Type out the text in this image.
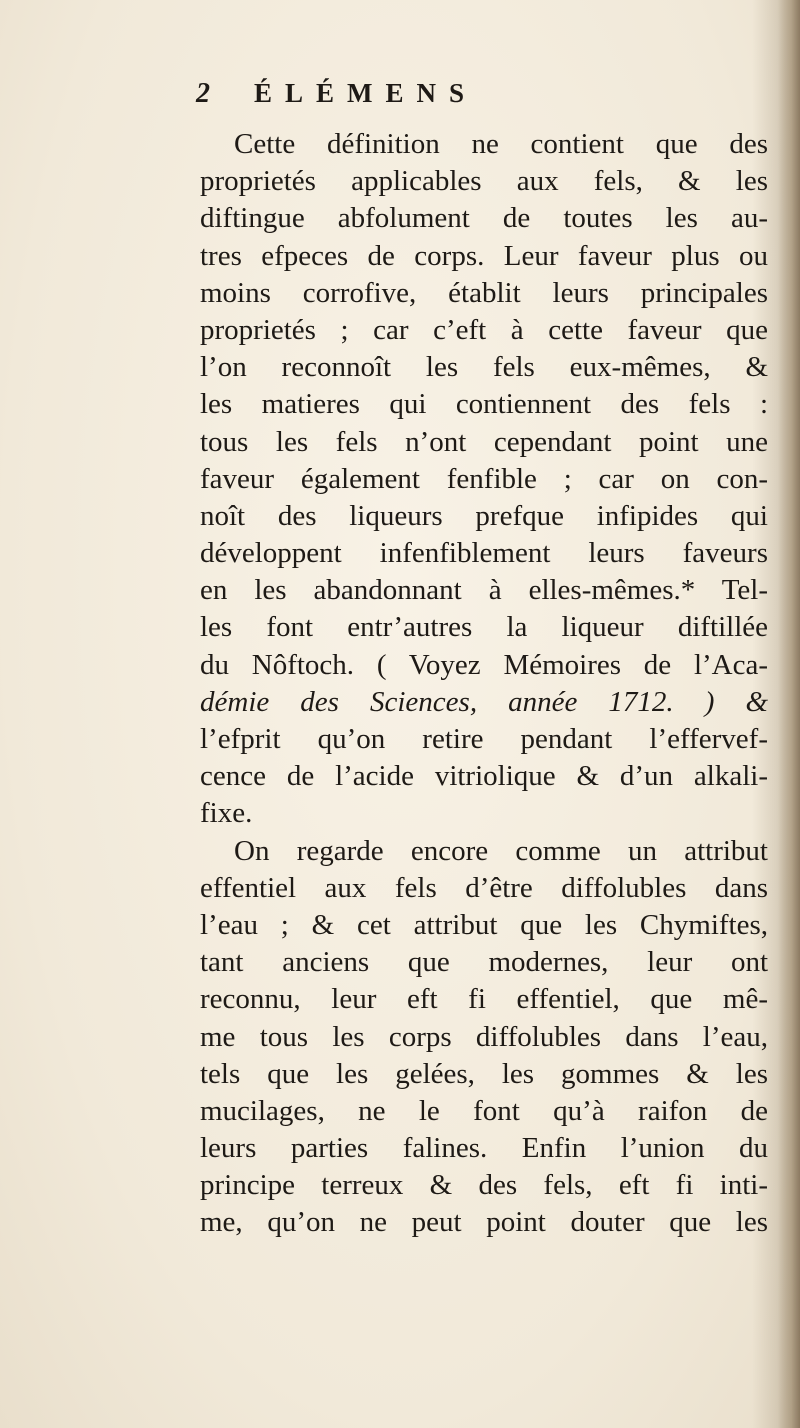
2 ÉLÉMENS
Cette définition ne contient que des
proprietés applicables aux fels, & les
diftingue abfolument de toutes les au-
tres efpeces de corps. Leur faveur plus ou
moins corrofive, établit leurs principales
proprietés ; car c’eft à cette faveur que
l’on reconnoît les fels eux-mêmes, &
les matieres qui contiennent des fels :
tous les fels n’ont cependant point une
faveur également fenfible ; car on con-
noît des liqueurs prefque infipides qui
développent infenfiblement leurs faveurs
en les abandonnant à elles-mêmes.* Tel-
les font entr’autres la liqueur diftillée
du Nôftoch. ( Voyez Mémoires de l’Aca-
démie des Sciences, année 1712. ) &
l’efprit qu’on retire pendant l’effervef-
cence de l’acide vitriolique & d’un alkali-
fixe.
On regarde encore comme un attribut
effentiel aux fels d’être diffolubles dans
l’eau ; & cet attribut que les Chymiftes,
tant anciens que modernes, leur ont
reconnu, leur eft fi effentiel, que mê-
me tous les corps diffolubles dans l’eau,
tels que les gelées, les gommes & les
mucilages, ne le font qu’à raifon de
leurs parties falines. Enfin l’union du
principe terreux & des fels, eft fi inti-
me, qu’on ne peut point douter que les
